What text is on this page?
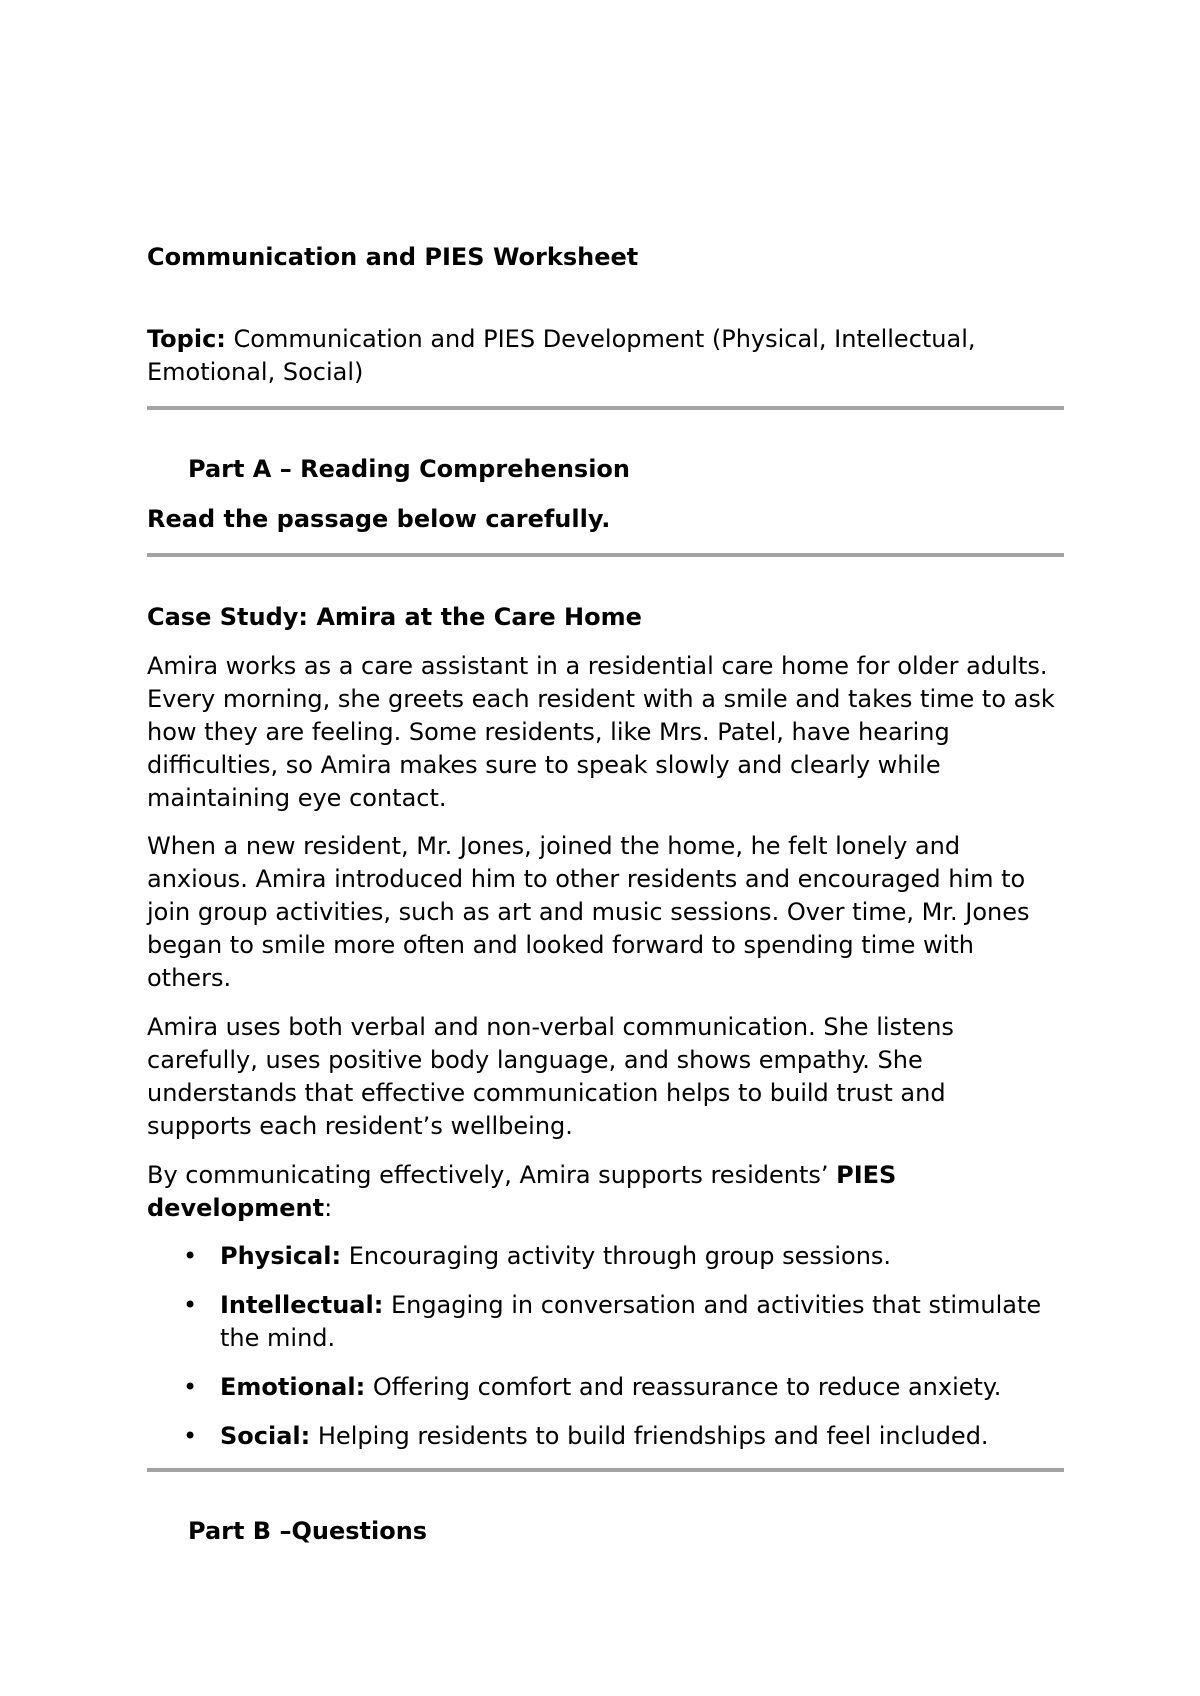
Communication and PIES Worksheet
Topic: Communication and PIES Development (Physical, Intellectual, Emotional, Social)
Part A – Reading Comprehension
Read the passage below carefully.
Case Study: Amira at the Care Home

Amira works as a care assistant in a residential care home for older adults. Every morning, she greets each resident with a smile and takes time to ask how they are feeling. Some residents, like Mrs. Patel, have hearing difficulties, so Amira makes sure to speak slowly and clearly while maintaining eye contact.

When a new resident, Mr. Jones, joined the home, he felt lonely and anxious. Amira introduced him to other residents and encouraged him to join group activities, such as art and music sessions. Over time, Mr. Jones began to smile more often and looked forward to spending time with others.

Amira uses both verbal and non-verbal communication. She listens carefully, uses positive body language, and shows empathy. She understands that effective communication helps to build trust and supports each resident’s wellbeing.

By communicating effectively, Amira supports residents’ PIES development:

• Physical: Encouraging activity through group sessions.
• Intellectual: Engaging in conversation and activities that stimulate the mind.
• Emotional: Offering comfort and reassurance to reduce anxiety.
• Social: Helping residents to build friendships and feel included.
Part B –Questions
